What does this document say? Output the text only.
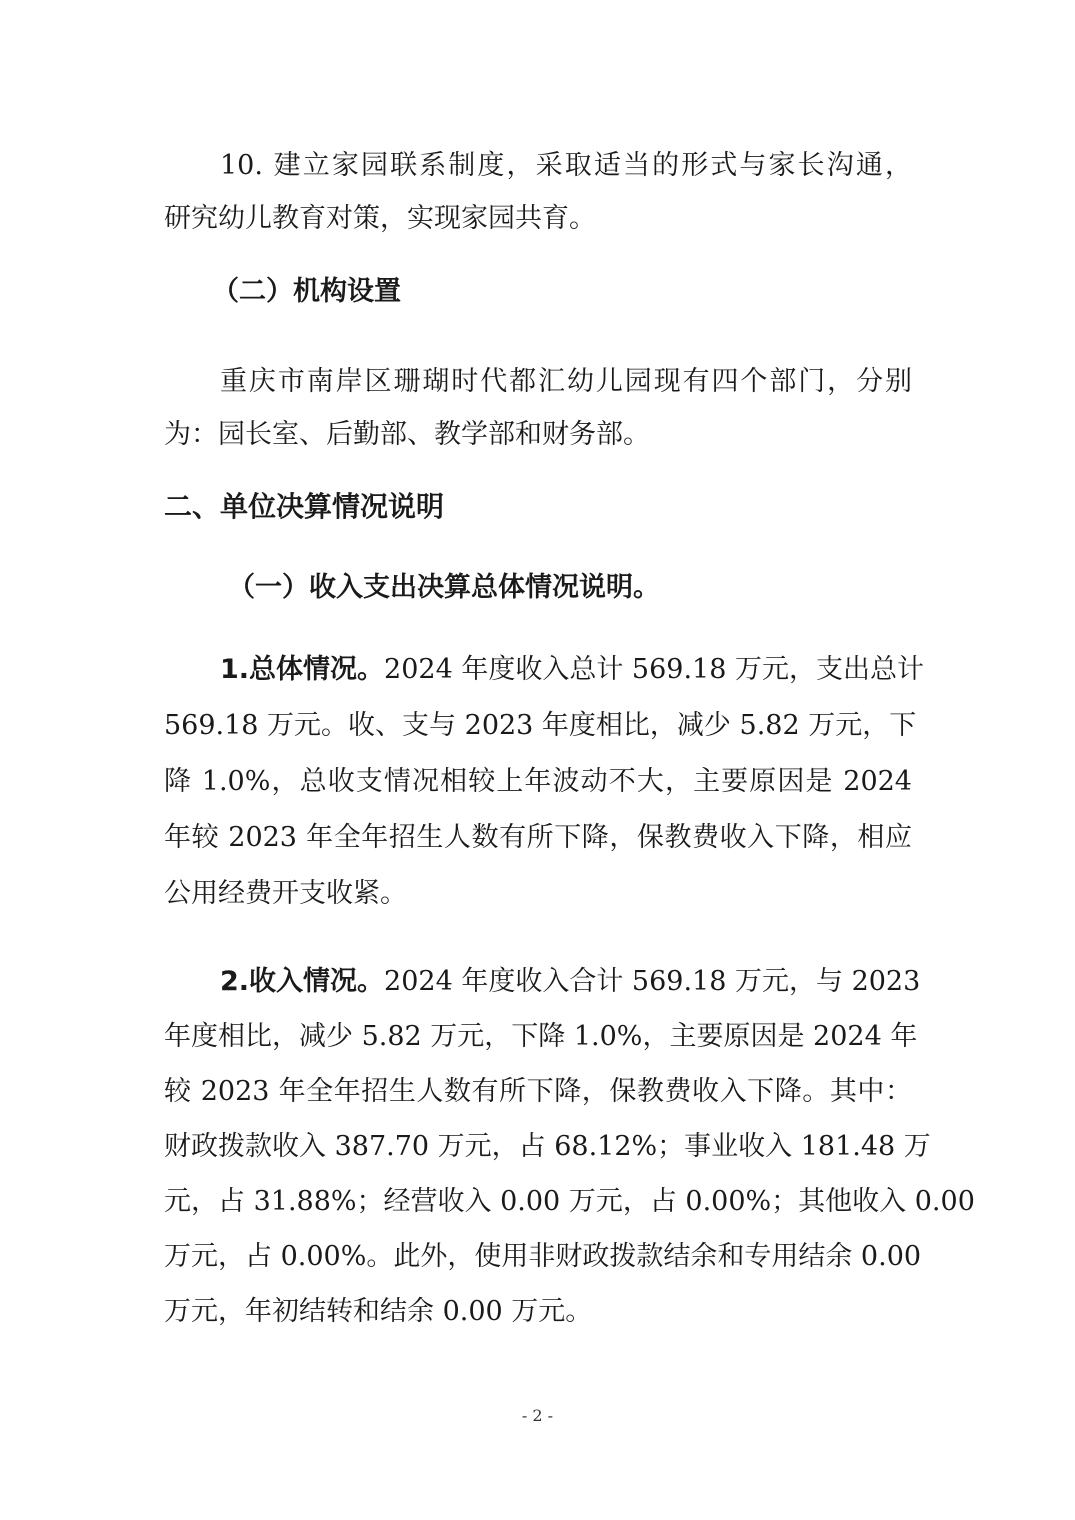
10. 建立家园联系制度，采取适当的形式与家长沟通，
研究幼儿教育对策，实现家园共育。
（二）机构设置
重庆市南岸区珊瑚时代都汇幼儿园现有四个部门，分别
为：园长室、后勤部、教学部和财务部。
二、单位决算情况说明
（一）收入支出决算总体情况说明。
1.总体情况。2024 年度收入总计 569.18 万元，支出总计
569.18 万元。收、支与 2023 年度相比，减少 5.82 万元，下
降 1.0%，总收支情况相较上年波动不大，主要原因是 2024
年较 2023 年全年招生人数有所下降，保教费收入下降，相应
公用经费开支收紧。
2.收入情况。2024 年度收入合计 569.18 万元，与 2023
年度相比，减少 5.82 万元，下降 1.0%，主要原因是 2024 年
较 2023 年全年招生人数有所下降，保教费收入下降。其中：
财政拨款收入 387.70 万元，占 68.12%；事业收入 181.48 万
元，占 31.88%；经营收入 0.00 万元，占 0.00%；其他收入 0.00
万元，占 0.00%。此外，使用非财政拨款结余和专用结余 0.00
万元，年初结转和结余 0.00 万元。
- 2 -
